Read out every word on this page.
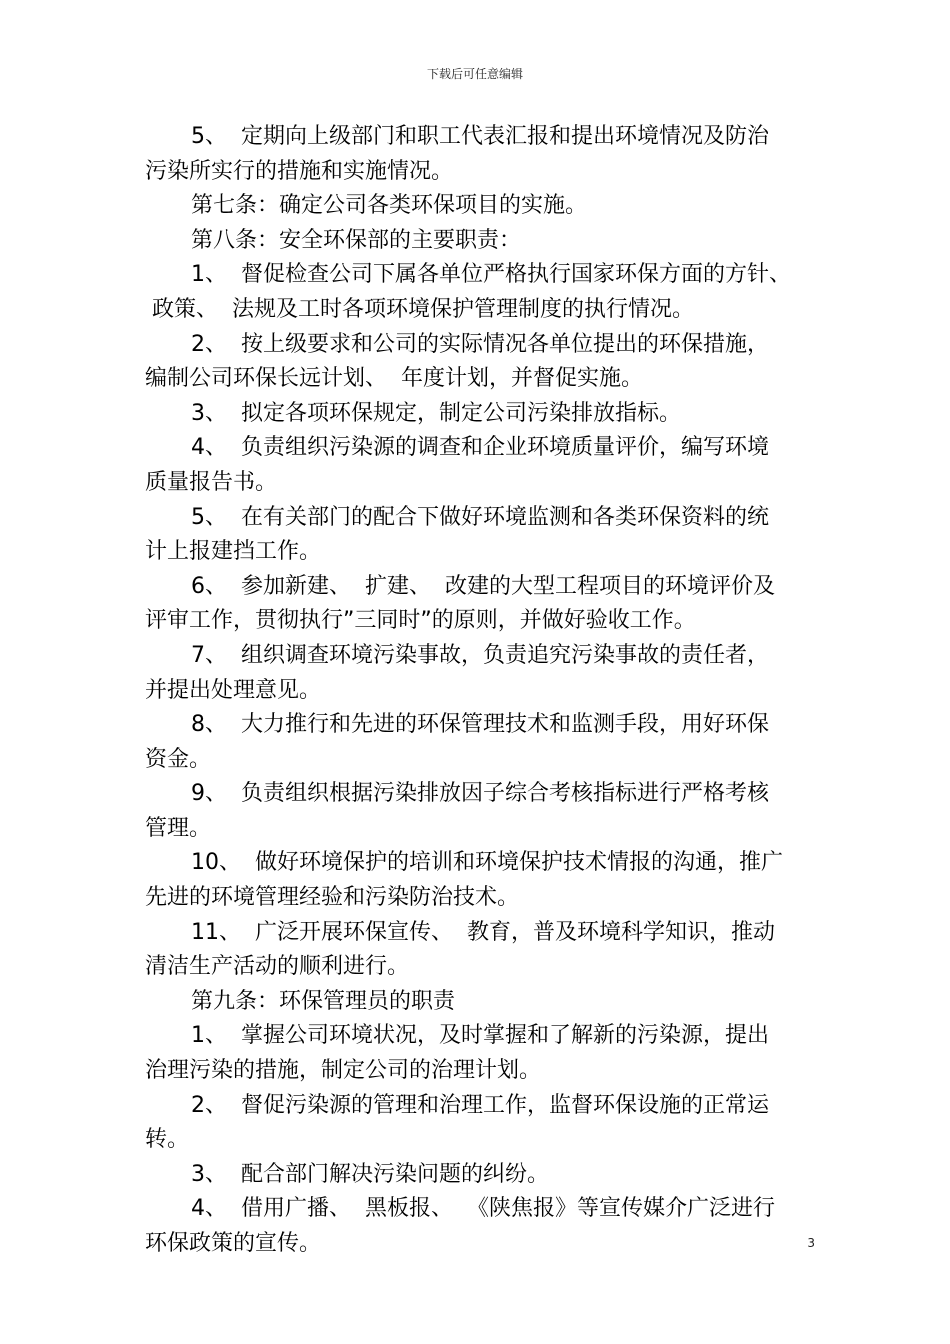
下载后可任意编辑
5、  定期向上级部门和职工代表汇报和提出环境情况及防治
污染所实行的措施和实施情况。
第七条：确定公司各类环保项目的实施。
第八条：安全环保部的主要职责：
1、  督促检查公司下属各单位严格执行国家环保方面的方针、
政策、  法规及工时各项环境保护管理制度的执行情况。
2、  按上级要求和公司的实际情况各单位提出的环保措施，
编制公司环保长远计划、  年度计划，并督促实施。
3、  拟定各项环保规定，制定公司污染排放指标。
4、  负责组织污染源的调查和企业环境质量评价，编写环境
质量报告书。
5、  在有关部门的配合下做好环境监测和各类环保资料的统
计上报建挡工作。
6、  参加新建、  扩建、  改建的大型工程项目的环境评价及
评审工作，贯彻执行”三同时”的原则，并做好验收工作。
7、  组织调查环境污染事故，负责追究污染事故的责任者，
并提出处理意见。
8、  大力推行和先进的环保管理技术和监测手段，用好环保
资金。
9、  负责组织根据污染排放因子综合考核指标进行严格考核
管理。
10、  做好环境保护的培训和环境保护技术情报的沟通，推广
先进的环境管理经验和污染防治技术。
11、  广泛开展环保宣传、  教育，普及环境科学知识，推动
清洁生产活动的顺利进行。
第九条：环保管理员的职责
1、  掌握公司环境状况，及时掌握和了解新的污染源，提出
治理污染的措施，制定公司的治理计划。
2、  督促污染源的管理和治理工作，监督环保设施的正常运
转。
3、  配合部门解决污染问题的纠纷。
4、  借用广播、  黑板报、  《陕焦报》等宣传媒介广泛进行
环保政策的宣传。	3
